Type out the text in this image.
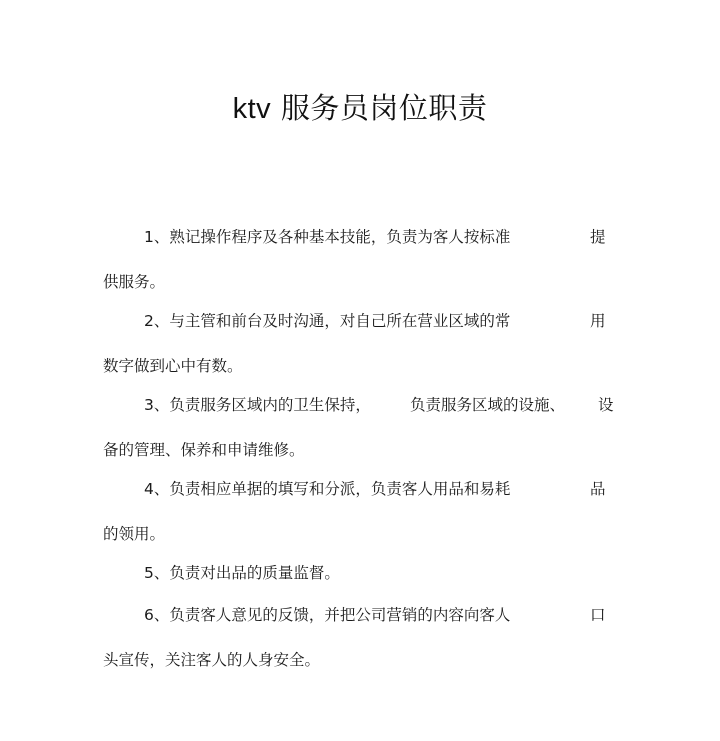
ktv 服务员岗位职责
1、熟记操作程序及各种基本技能，负责为客人按标准	提
供服务。
2、与主管和前台及时沟通，对自己所在营业区域的常	用
数字做到心中有数。
3、负责服务区域内的卫生保持，	负责服务区域的设施、 设
备的管理、保养和申请维修。
4、负责相应单据的填写和分派，负责客人用品和易耗	品
的领用。
5、负责对出品的质量监督。
6、负责客人意见的反馈，并把公司营销的内容向客人	口
头宣传，关注客人的人身安全。
